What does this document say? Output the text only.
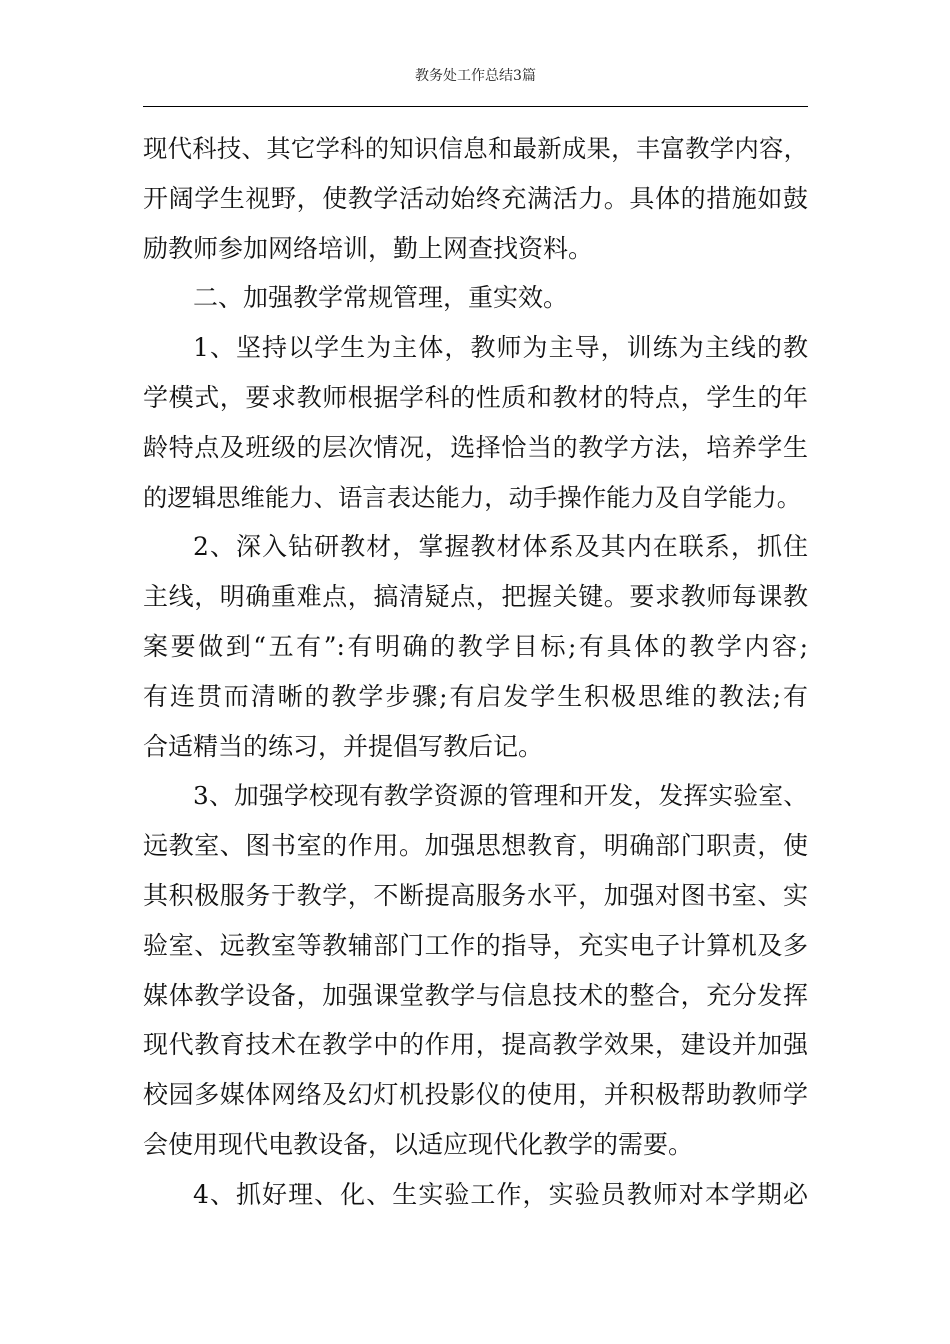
教务处工作总结3篇
现代科技、其它学科的知识信息和最新成果，丰富教学内容，
开阔学生视野，使教学活动始终充满活力。具体的措施如鼓
励教师参加网络培训，勤上网查找资料。
二、加强教学常规管理，重实效。
1、坚持以学生为主体，教师为主导，训练为主线的教
学模式，要求教师根据学科的性质和教材的特点，学生的年
龄特点及班级的层次情况，选择恰当的教学方法，培养学生
的逻辑思维能力、语言表达能力，动手操作能力及自学能力。
2、深入钻研教材，掌握教材体系及其内在联系，抓住
主线，明确重难点，搞清疑点，把握关键。要求教师每课教
案要做到“五有”:有明确的教学目标;有具体的教学内容;
有连贯而清晰的教学步骤;有启发学生积极思维的教法;有
合适精当的练习，并提倡写教后记。
3、加强学校现有教学资源的管理和开发，发挥实验室、
远教室、图书室的作用。加强思想教育，明确部门职责，使
其积极服务于教学，不断提高服务水平，加强对图书室、实
验室、远教室等教辅部门工作的指导，充实电子计算机及多
媒体教学设备，加强课堂教学与信息技术的整合，充分发挥
现代教育技术在教学中的作用，提高教学效果，建设并加强
校园多媒体网络及幻灯机投影仪的使用，并积极帮助教师学
会使用现代电教设备，以适应现代化教学的需要。
4、抓好理、化、生实验工作，实验员教师对本学期必
